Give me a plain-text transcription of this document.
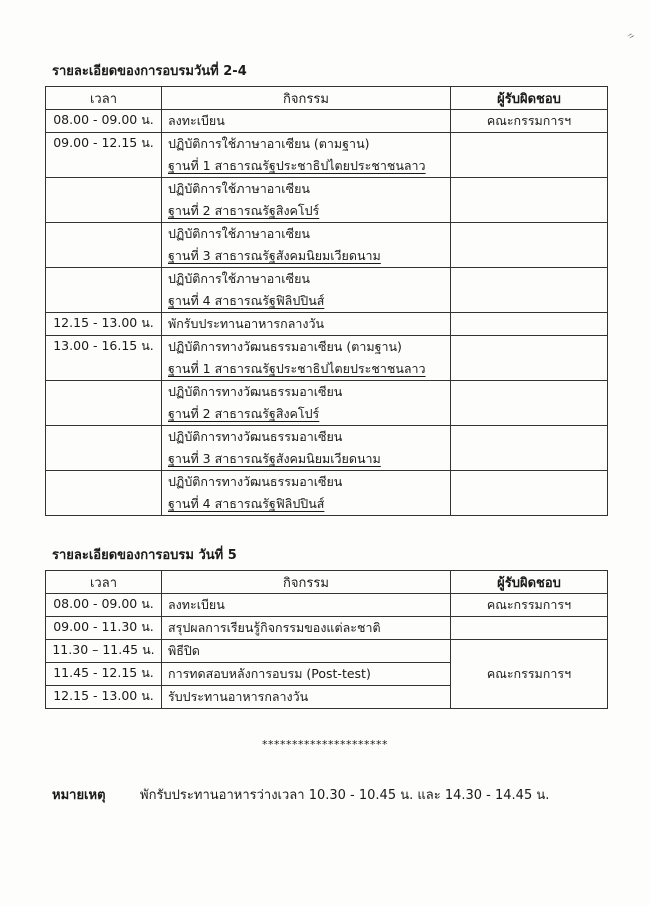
〃
รายละเอียดของการอบรมวันที่ 2-4
เวลา	กิจกรรม	ผู้รับผิดชอบ
08.00 - 09.00 น.	ลงทะเบียน	คณะกรรมการฯ
09.00 - 12.15 น.	ปฏิบัติการใช้ภาษาอาเซียน (ตามฐาน)
ฐานที่ 1 สาธารณรัฐประชาธิปไตยประชาชนลาว	

	ปฏิบัติการใช้ภาษาอาเซียน
ฐานที่ 2 สาธารณรัฐสิงคโปร์	

	ปฏิบัติการใช้ภาษาอาเซียน
ฐานที่ 3 สาธารณรัฐสังคมนิยมเวียดนาม	

	ปฏิบัติการใช้ภาษาอาเซียน
ฐานที่ 4 สาธารณรัฐฟิลิปปินส์	

12.15 - 13.00 น.	พักรับประทานอาหารกลางวัน	

13.00 - 16.15 น.	ปฏิบัติการทางวัฒนธรรมอาเซียน (ตามฐาน)
ฐานที่ 1 สาธารณรัฐประชาธิปไตยประชาชนลาว	

	ปฏิบัติการทางวัฒนธรรมอาเซียน
ฐานที่ 2 สาธารณรัฐสิงคโปร์	

	ปฏิบัติการทางวัฒนธรรมอาเซียน
ฐานที่ 3 สาธารณรัฐสังคมนิยมเวียดนาม	

	ปฏิบัติการทางวัฒนธรรมอาเซียน
ฐานที่ 4 สาธารณรัฐฟิลิปปินส์	

รายละเอียดของการอบรม วันที่ 5
เวลา	กิจกรรม	ผู้รับผิดชอบ
08.00 - 09.00 น.	ลงทะเบียน	คณะกรรมการฯ
09.00 - 11.30 น.	สรุปผลการเรียนรู้กิจกรรมของแต่ละชาติ	

11.30 – 11.45 น.	พิธีปิด	คณะกรรมการฯ
11.45 - 12.15 น.	การทดสอบหลังการอบรม (Post-test)	

12.15 - 13.00 น.	รับประทานอาหารกลางวัน	
*********************
หมายเหตุ	พักรับประทานอาหารว่างเวลา 10.30 - 10.45 น. และ 14.30 - 14.45 น.
